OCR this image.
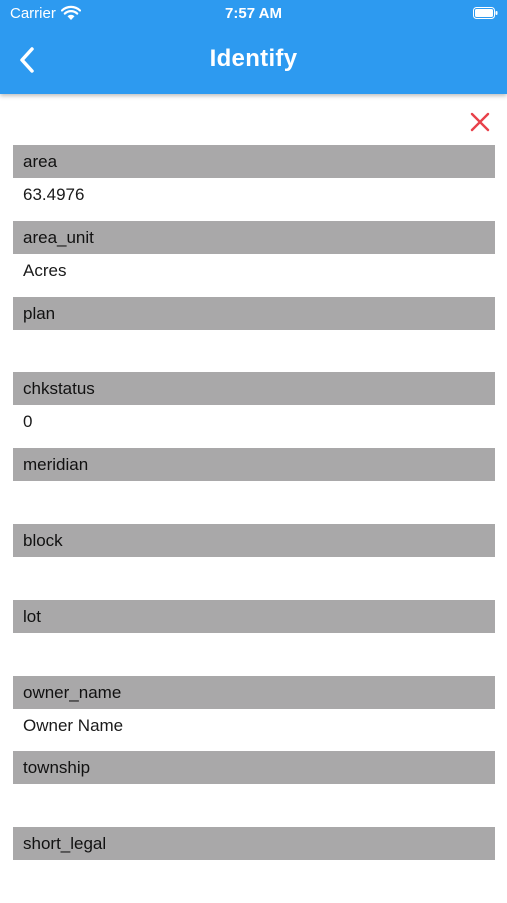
Carrier	7:57 AM
Identify
area
63.4976
area_unit
Acres
plan
chkstatus
0
meridian
block
lot
owner_name
Owner Name
township
short_legal
